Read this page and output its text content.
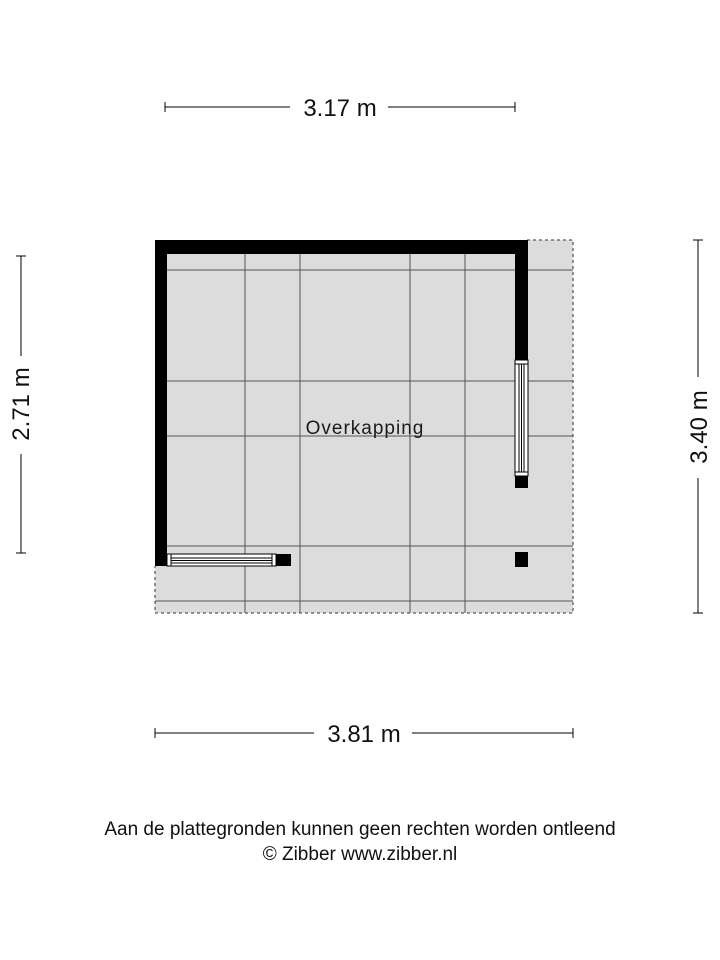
Overkapping
3.17 m
3.81 m
2.71 m	3.40 m
Aan de plattegronden kunnen geen rechten worden ontleend
© Zibber www.zibber.nl
